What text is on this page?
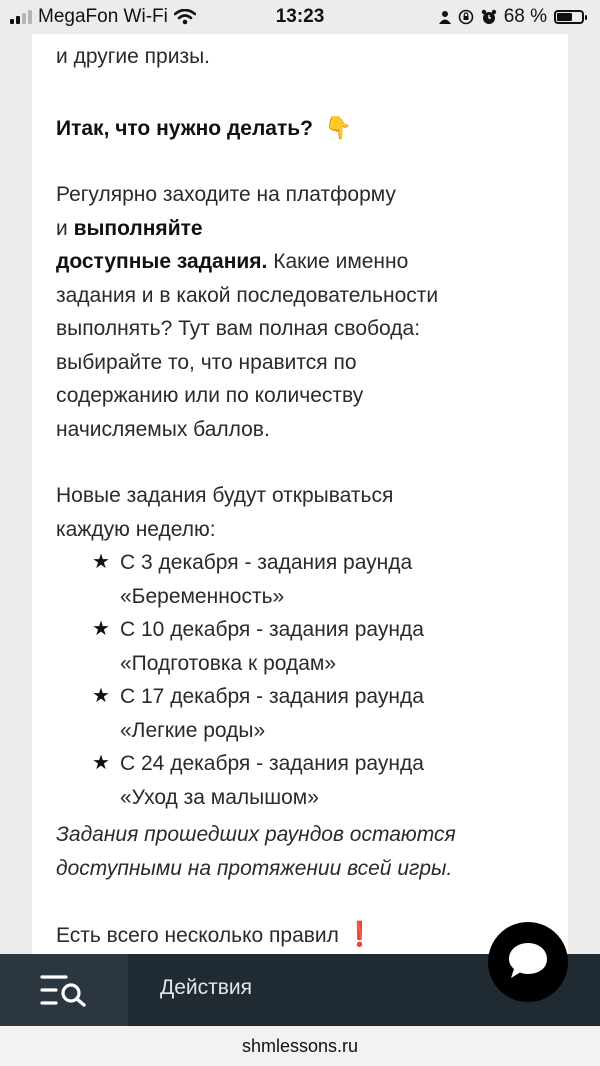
MegaFon Wi-Fi	13:23	68 %

и другие призы.

Итак, что нужно делать? 👇

Регулярно заходите на платформу
и выполняйте
доступные задания. Какие именно
задания и в какой последовательности
выполнять? Тут вам полная свобода:
выбирайте то, что нравится по
содержанию или по количеству
начисляемых баллов.

Новые задания будут открываться
каждую неделю:

★ С 3 декабря - задания раунда
«Беременность»
★ С 10 декабря - задания раунда
«Подготовка к родам»
★ С 17 декабря - задания раунда
«Легкие роды»
★ С 24 декабря - задания раунда
«Уход за малышом»

Задания прошедших раундов остаются
доступными на протяжении всей игры.

Есть всего несколько правил ❗

Действия
shmlessons.ru
